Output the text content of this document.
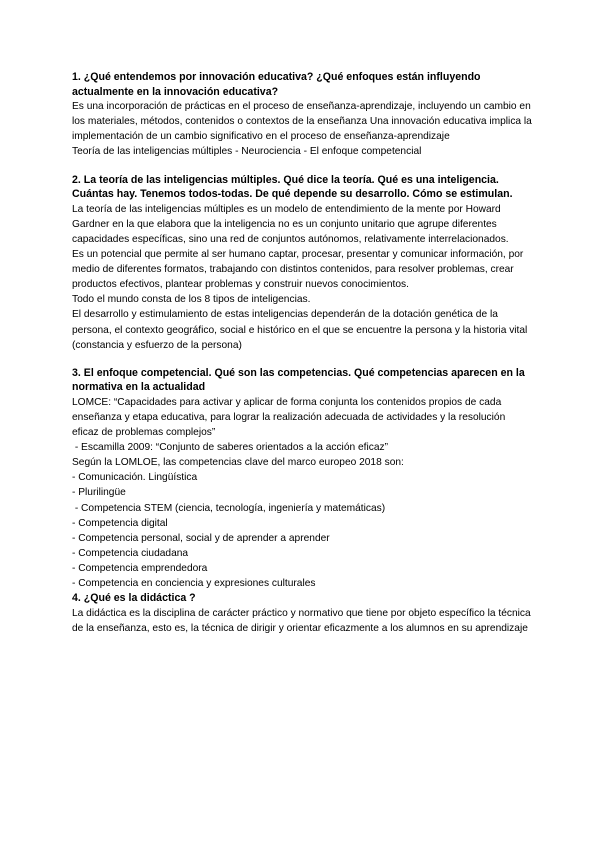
1. ¿Qué entendemos por innovación educativa? ¿Qué enfoques están influyendo actualmente en la innovación educativa?

Es una incorporación de prácticas en el proceso de enseñanza-aprendizaje, incluyendo un cambio en los materiales, métodos, contenidos o contextos de la enseñanza Una innovación educativa implica la implementación de un cambio significativo en el proceso de enseñanza-aprendizaje

Teoría de las inteligencias múltiples - Neurociencia - El enfoque competencial

2. La teoría de las inteligencias múltiples. Qué dice la teoría. Qué es una inteligencia. Cuántas hay. Tenemos todos-todas. De qué depende su desarrollo. Cómo se estimulan.

La teoría de las inteligencias múltiples es un modelo de entendimiento de la mente por Howard Gardner en la que elabora que la inteligencia no es un conjunto unitario que agrupe diferentes capacidades específicas, sino una red de conjuntos autónomos, relativamente interrelacionados.

Es un potencial que permite al ser humano captar, procesar, presentar y comunicar información, por medio de diferentes formatos, trabajando con distintos contenidos, para resolver problemas, crear productos efectivos, plantear problemas y construir nuevos conocimientos.

Todo el mundo consta de los 8 tipos de inteligencias.

El desarrollo y estimulamiento de estas inteligencias dependerán de la dotación genética de la persona, el contexto geográfico, social e histórico en el que se encuentre la persona y la historia vital (constancia y esfuerzo de la persona)

3. El enfoque competencial. Qué son las competencias. Qué competencias aparecen en la normativa en la actualidad

LOMCE: “Capacidades para activar y aplicar de forma conjunta los contenidos propios de cada enseñanza y etapa educativa, para lograr la realización adecuada de actividades y la resolución eficaz de problemas complejos”

- Escamilla 2009: “Conjunto de saberes orientados a la acción eficaz”

Según la LOMLOE, las competencias clave del marco europeo 2018 son:

- Comunicación. Lingüística

- Plurilingüe

- Competencia STEM (ciencia, tecnología, ingeniería y matemáticas)

- Competencia digital

- Competencia personal, social y de aprender a aprender

- Competencia ciudadana

- Competencia emprendedora

- Competencia en conciencia y expresiones culturales

4. ¿Qué es la didáctica ?

La didáctica es la disciplina de carácter práctico y normativo que tiene por objeto específico la técnica de la enseñanza, esto es, la técnica de dirigir y orientar eficazmente a los alumnos en su aprendizaje
